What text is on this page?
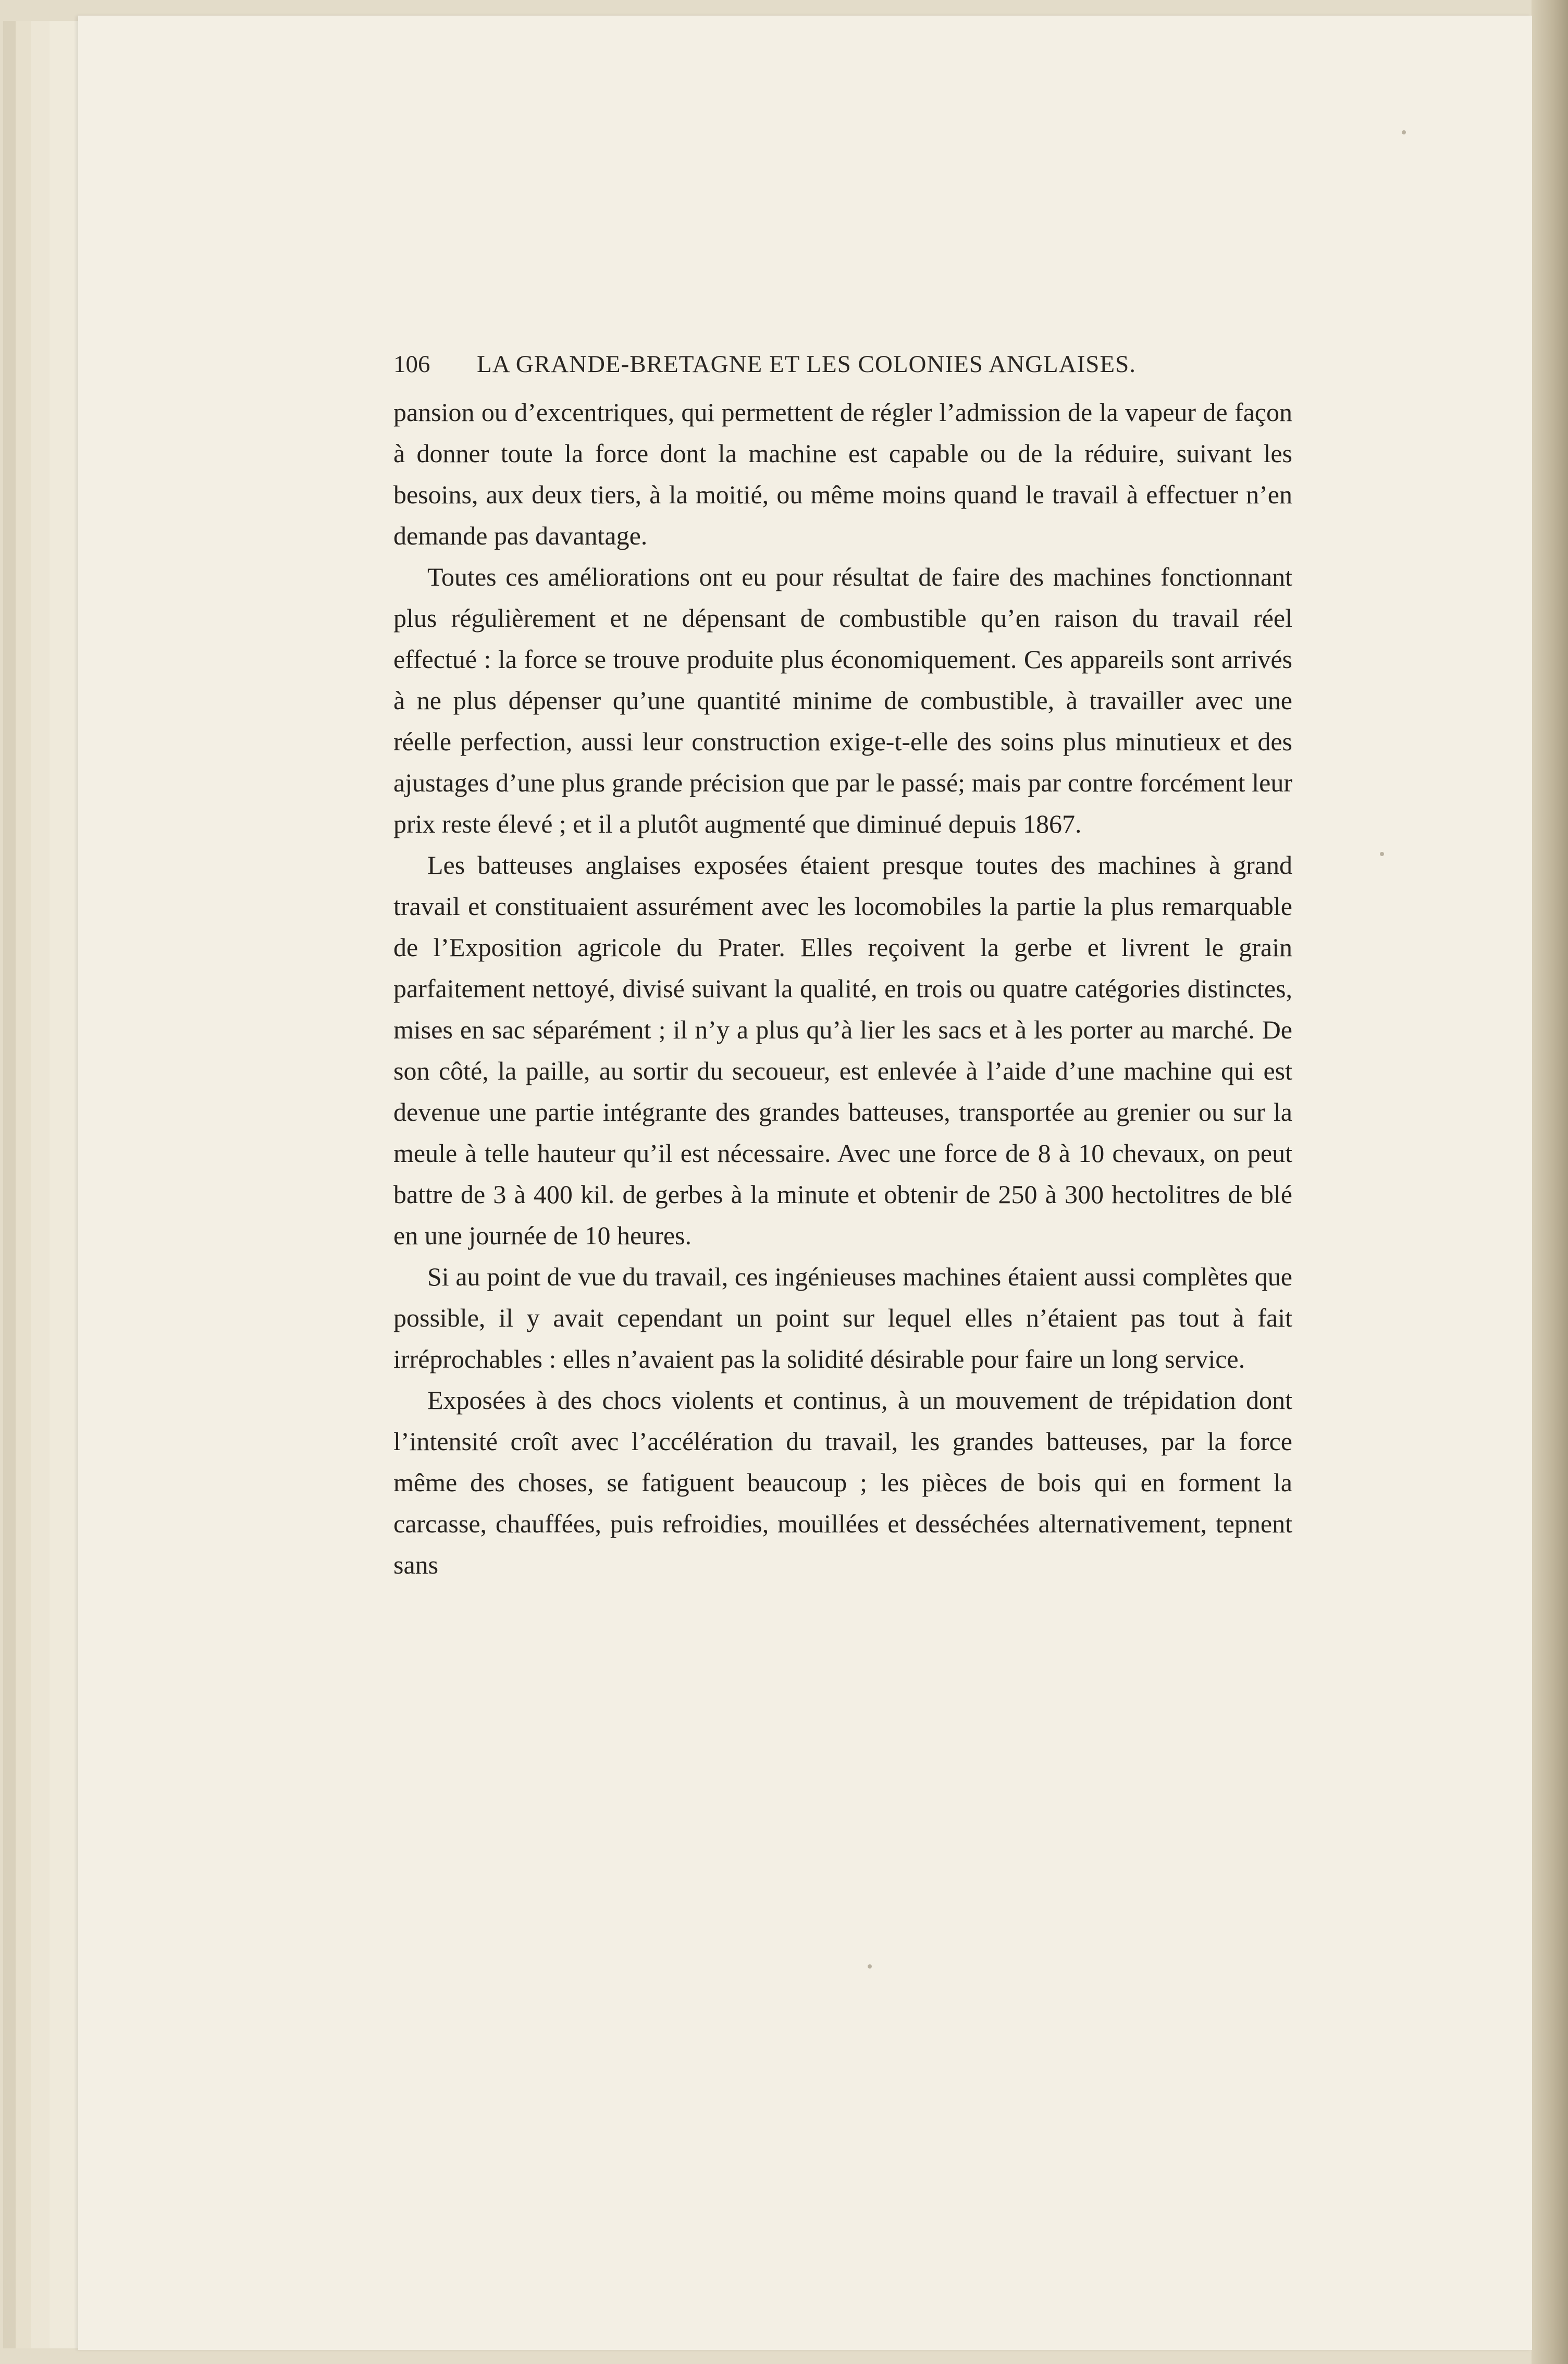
106 LA GRANDE-BRETAGNE ET LES COLONIES ANGLAISES.

pansion ou d’excentriques, qui permettent de régler l’admission de la vapeur de façon à donner toute la force dont la machine est capable ou de la réduire, suivant les besoins, aux deux tiers, à la moitié, ou même moins quand le travail à effectuer n’en demande pas davantage.

Toutes ces améliorations ont eu pour résultat de faire des machines fonctionnant plus régulièrement et ne dépensant de combustible qu’en raison du travail réel effectué : la force se trouve produite plus économiquement. Ces appareils sont arrivés à ne plus dépenser qu’une quantité minime de combustible, à travailler avec une réelle perfection, aussi leur construction exige-t-elle des soins plus minutieux et des ajustages d’une plus grande précision que par le passé; mais par contre forcément leur prix reste élevé ; et il a plutôt augmenté que diminué depuis 1867.

Les batteuses anglaises exposées étaient presque toutes des machines à grand travail et constituaient assurément avec les locomobiles la partie la plus remarquable de l’Exposition agricole du Prater. Elles reçoivent la gerbe et livrent le grain parfaitement nettoyé, divisé suivant la qualité, en trois ou quatre catégories distinctes, mises en sac séparément ; il n’y a plus qu’à lier les sacs et à les porter au marché. De son côté, la paille, au sortir du secoueur, est enlevée à l’aide d’une machine qui est devenue une partie intégrante des grandes batteuses, transportée au grenier ou sur la meule à telle hauteur qu’il est nécessaire. Avec une force de 8 à 10 chevaux, on peut battre de 3 à 400 kil. de gerbes à la minute et obtenir de 250 à 300 hectolitres de blé en une journée de 10 heures.

Si au point de vue du travail, ces ingénieuses machines étaient aussi complètes que possible, il y avait cependant un point sur lequel elles n’étaient pas tout à fait irréprochables : elles n’avaient pas la solidité désirable pour faire un long service.

Exposées à des chocs violents et continus, à un mouvement de trépidation dont l’intensité croît avec l’accélération du travail, les grandes batteuses, par la force même des choses, se fatiguent beaucoup ; les pièces de bois qui en forment la carcasse, chauffées, puis refroidies, mouillées et desséchées alternativement, tepnent sans
